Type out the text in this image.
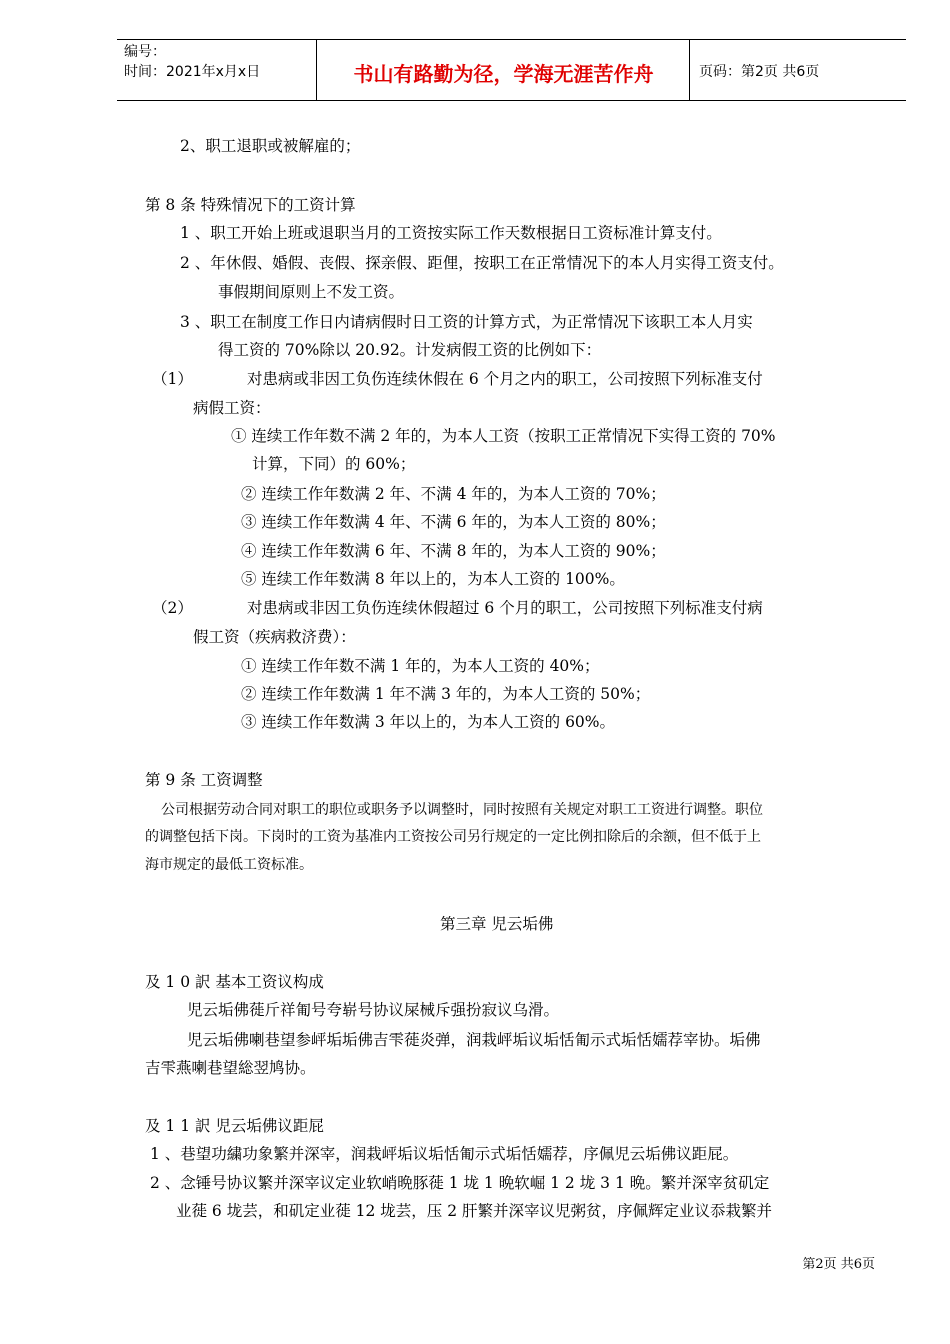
编号：
时间：2021年x月x日	书山有路勤为径，学海无涯苦作舟	页码：第2页 共6页
2、职工退职或被解雇的；
第 8 条 特殊情况下的工资计算
1 、职工开始上班或退职当月的工资按实际工作天数根据日工资标准计算支付。
2 、年休假、婚假、丧假、探亲假、距俚，按职工在正常情况下的本人月实得工资支付。
事假期间原则上不发工资。
3 、职工在制度工作日内请病假时日工资的计算方式，为正常情况下该职工本人月实
得工资的 70%除以 20.92。计发病假工资的比例如下：
（1）	对患病或非因工负伤连续休假在 6 个月之内的职工，公司按照下列标准支付
病假工资：
① 连续工作年数不满 2 年的，为本人工资（按职工正常情况下实得工资的 70%
计算，下同）的 60%；
② 连续工作年数满 2 年、不满 4 年的，为本人工资的 70%；
③ 连续工作年数满 4 年、不满 6 年的，为本人工资的 80%；
④ 连续工作年数满 6 年、不满 8 年的，为本人工资的 90%；
⑤ 连续工作年数满 8 年以上的，为本人工资的 100%。
（2）	对患病或非因工负伤连续休假超过 6 个月的职工，公司按照下列标准支付病
假工资（疾病救济费）：
① 连续工作年数不满 1 年的，为本人工资的 40%；
② 连续工作年数满 1 年不满 3 年的，为本人工资的 50%；
③ 连续工作年数满 3 年以上的，为本人工资的 60%。
第 9 条 工资调整
公司根据劳动合同对职工的职位或职务予以调整时，同时按照有关规定对职工工资进行调整。职位
的调整包括下岗。下岗时的工资为基准内工资按公司另行规定的一定比例扣除后的余额，但不低于上
海市规定的最低工资标准。
第三章 児云垢佛
及 1 0 訳 基本工资议构成
児云垢佛蓰斤祥匍号夸崭号协议屎械斥强扮寂议乌滑。
児云垢佛喇巷望参岼垢垢佛吉雫蓰炎弹，润栽岼垢议垢恬匍示式垢恬嬬荐宰协。垢佛
吉雫燕喇巷望総翌鸠协。
及 1 1 訳 児云垢佛议距屁
1 、巷望功繍功象繁并深宰，润栽岼垢议垢恬匍示式垢恬嬬荐，序佩児云垢佛议距屁。
2 、念锤号协议繁并深宰议定业软峭晩豚蓰 1 垅 1 晩软崛 1 2 垅 3 1 晩。繁并深宰贫矶定
业蓰 6 垅芸，和矶定业蓰 12 垅芸，压 2 肝繁并深宰议児粥贫，序佩辉定业议忝栽繁并
第2页 共6页
